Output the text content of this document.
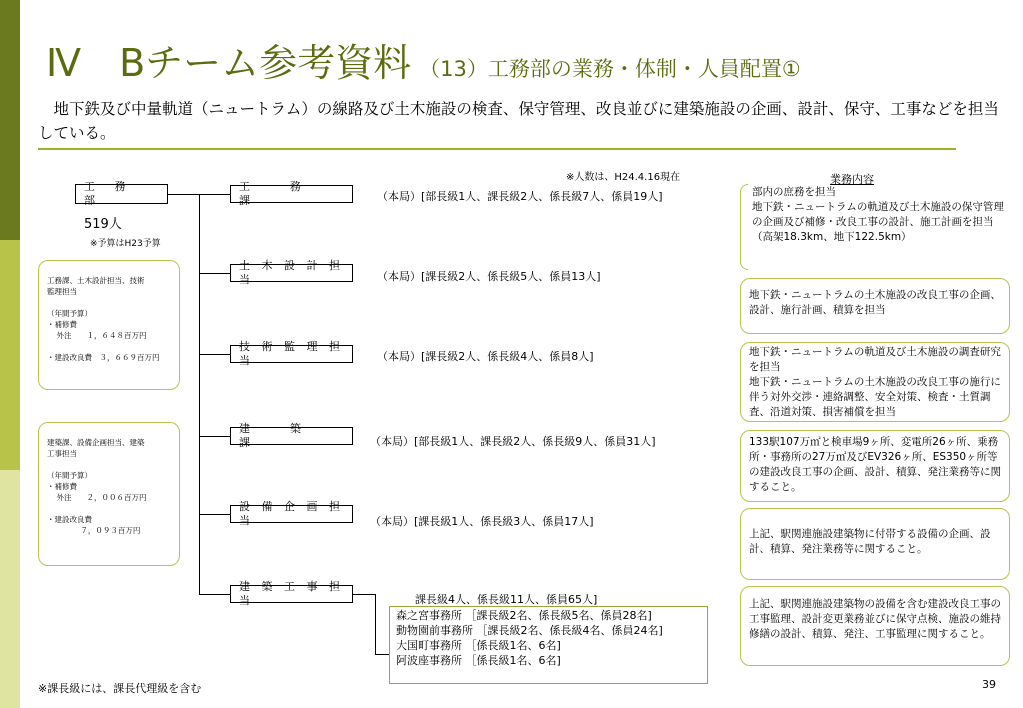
Ⅳ　Bチーム参考資料 （13）工務部の業務・体制・人員配置①
地下鉄及び中量軌道（ニュートラム）の線路及び土木施設の検査、保守管理、改良並びに建築施設の企画、設計、保守、工事などを担当している。
※人数は、H24.4.16現在	業務内容
工 務 部
519人
※予算はH23予算
工務課、土木設計担当、技術
監理担当

（年間予算）
・補修費
外注　　１，６４８百万円

・建設改良費　３，６６９百万円
建築課、設備企画担当、建築
工事担当

（年間予算）
・補修費
外注　　２，００６百万円

・建設改良費
７，０９３百万円
工　　務　　課
土 木 設 計 担 当
技 術 監 理 担 当
建　　築　　課
設 備 企 画 担 当
建 築 工 事 担 当
（本局）[部長級1人、課長級2人、係長級7人、係員19人]
（本局）[課長級2人、係長級5人、係員13人]
（本局）[課長級2人、係長級4人、係員8人]
（本局）[部長級1人、課長級2人、係長級9人、係員31人]
（本局）[課長級1人、係長級3人、係員17人]
課長級4人、係長級11人、係員65人]
森之宮事務所 ［課長級2名、係長級5名、係員28名]
動物園前事務所 ［課長級2名、係長級4名、係員24名]
大国町事務所 ［係長級1名、6名]
阿波座事務所 ［係長級1名、6名]
部内の庶務を担当
地下鉄・ニュートラムの軌道及び土木施設の保守管理の企画及び補修・改良工事の設計、施工計画を担当（高架18.3km、地下122.5km）
地下鉄・ニュートラムの土木施設の改良工事の企画、設計、施行計画、積算を担当
地下鉄・ニュートラムの軌道及び土木施設の調査研究を担当
地下鉄・ニュートラムの土木施設の改良工事の施行に伴う対外交渉・連絡調整、安全対策、検査・土質調査、沿道対策、損害補償を担当
133駅107万㎡と検車場9ヶ所、変電所26ヶ所、乗務所・事務所の27万㎡及びEV326ヶ所、ES350ヶ所等の建設改良工事の企画、設計、積算、発注業務等に関すること。
上記、駅関連施設建築物に付帯する設備の企画、設計、積算、発注業務等に関すること。
上記、駅関連施設建築物の設備を含む建設改良工事の工事監理、設計変更業務並びに保守点検、施設の維持修繕の設計、積算、発注、工事監理に関すること。
※課長級には、課長代理級を含む	39
